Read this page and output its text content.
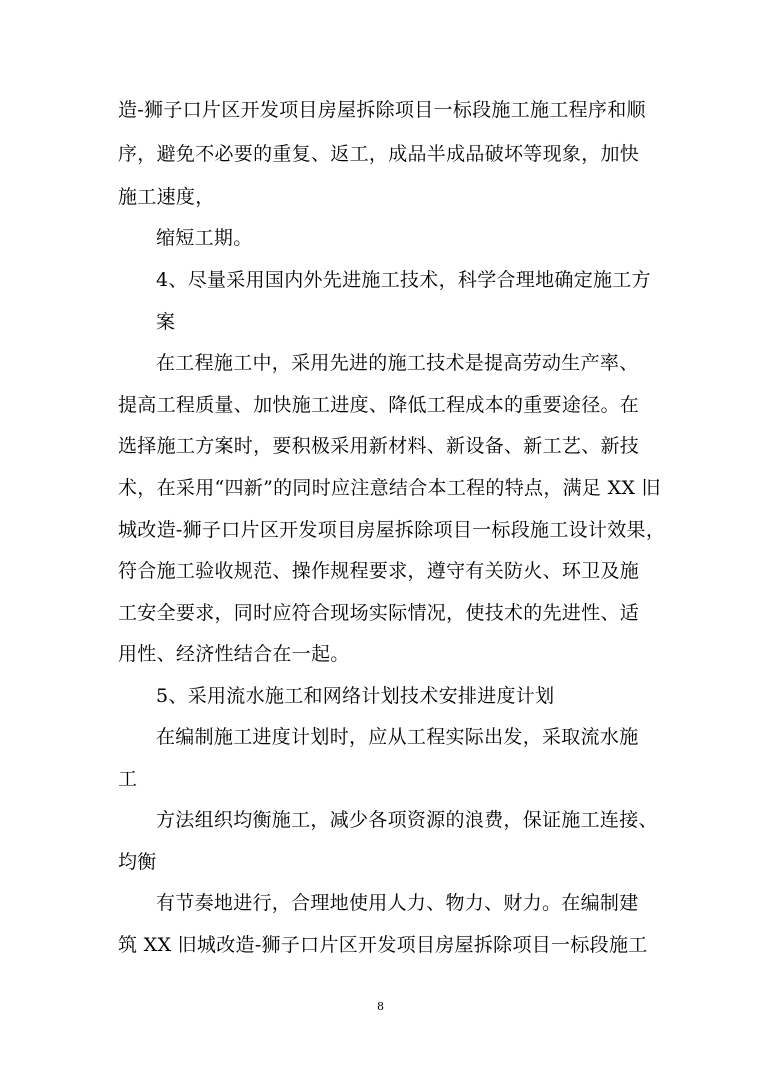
造-狮子口片区开发项目房屋拆除项目一标段施工施工程序和顺
序，避免不必要的重复、返工，成品半成品破坏等现象，加快
施工速度，
缩短工期。
4、尽量采用国内外先进施工技术，科学合理地确定施工方
案
在工程施工中，采用先进的施工技术是提高劳动生产率、
提高工程质量、加快施工进度、降低工程成本的重要途径。在
选择施工方案时，要积极采用新材料、新设备、新工艺、新技
术，在采用“四新”的同时应注意结合本工程的特点，满足 XX 旧
城改造-狮子口片区开发项目房屋拆除项目一标段施工设计效果，
符合施工验收规范、操作规程要求，遵守有关防火、环卫及施
工安全要求，同时应符合现场实际情况，使技术的先进性、适
用性、经济性结合在一起。
5、采用流水施工和网络计划技术安排进度计划
在编制施工进度计划时，应从工程实际出发，采取流水施
工
方法组织均衡施工，减少各项资源的浪费，保证施工连接、
均衡
有节奏地进行，合理地使用人力、物力、财力。在编制建
筑 XX 旧城改造-狮子口片区开发项目房屋拆除项目一标段施工
8
